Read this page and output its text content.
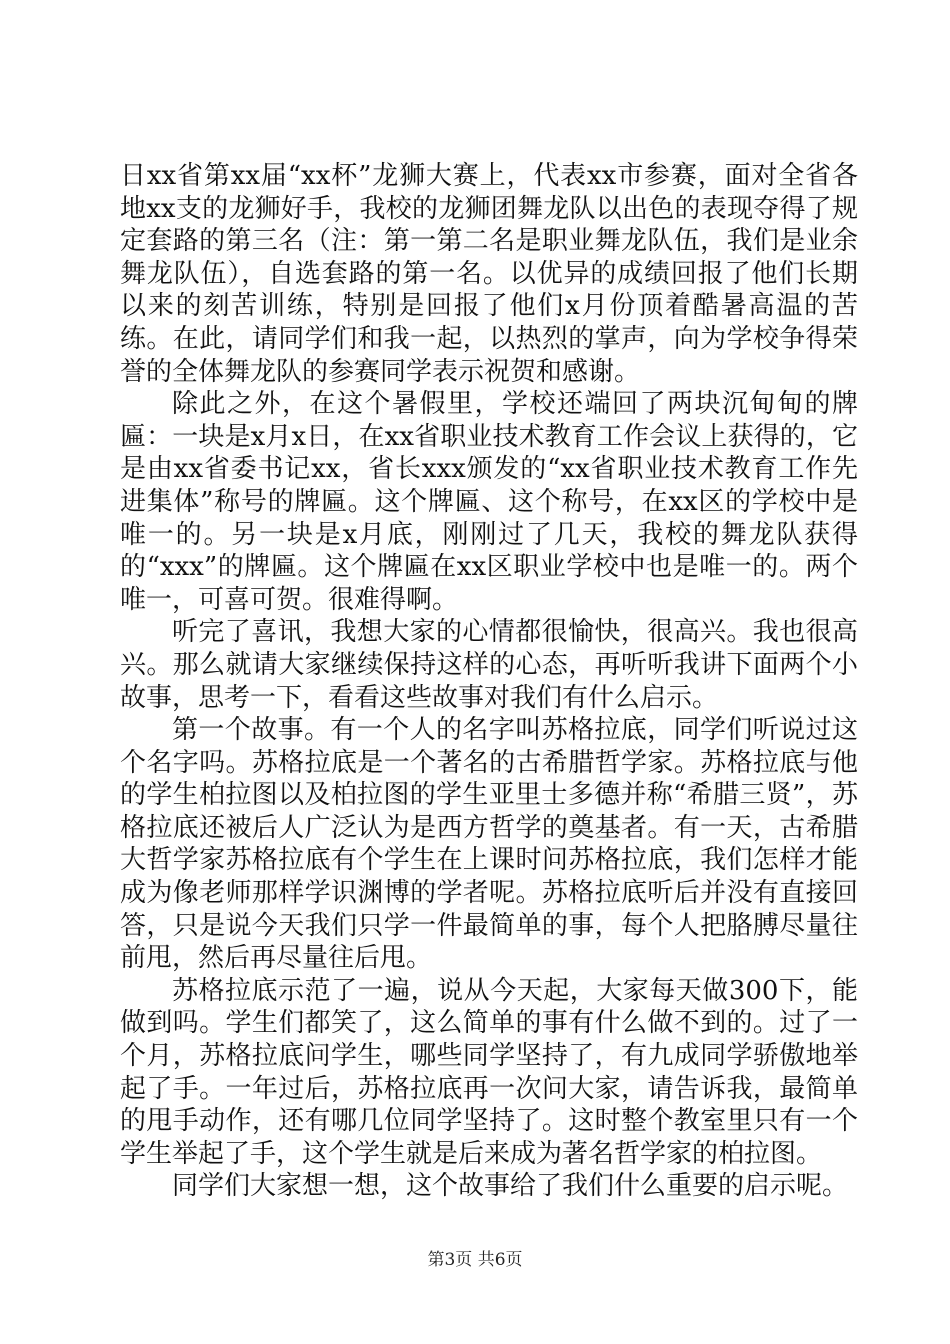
日xx省第xx届“xx杯”龙狮大赛上，代表xx市参赛，面对全省各地xx支的龙狮好手，我校的龙狮团舞龙队以出色的表现夺得了规定套路的第三名（注：第一第二名是职业舞龙队伍，我们是业余舞龙队伍），自选套路的第一名。以优异的成绩回报了他们长期以来的刻苦训练，特别是回报了他们x月份顶着酷暑高温的苦练。在此，请同学们和我一起，以热烈的掌声，向为学校争得荣誉的全体舞龙队的参赛同学表示祝贺和感谢。

除此之外，在这个暑假里，学校还端回了两块沉甸甸的牌匾：一块是x月x日，在xx省职业技术教育工作会议上获得的，它是由xx省委书记xx，省长xxx颁发的“xx省职业技术教育工作先进集体”称号的牌匾。这个牌匾、这个称号，在xx区的学校中是唯一的。另一块是x月底，刚刚过了几天，我校的舞龙队获得的“xxx”的牌匾。这个牌匾在xx区职业学校中也是唯一的。两个唯一，可喜可贺。很难得啊。

听完了喜讯，我想大家的心情都很愉快，很高兴。我也很高兴。那么就请大家继续保持这样的心态，再听听我讲下面两个小故事，思考一下，看看这些故事对我们有什么启示。

第一个故事。有一个人的名字叫苏格拉底，同学们听说过这个名字吗。苏格拉底是一个著名的古希腊哲学家。苏格拉底与他的学生柏拉图以及柏拉图的学生亚里士多德并称“希腊三贤”，苏格拉底还被后人广泛认为是西方哲学的奠基者。有一天，古希腊大哲学家苏格拉底有个学生在上课时问苏格拉底，我们怎样才能成为像老师那样学识渊博的学者呢。苏格拉底听后并没有直接回答，只是说今天我们只学一件最简单的事，每个人把胳膊尽量往前甩，然后再尽量往后甩。

苏格拉底示范了一遍，说从今天起，大家每天做300下，能做到吗。学生们都笑了，这么简单的事有什么做不到的。过了一个月，苏格拉底问学生，哪些同学坚持了，有九成同学骄傲地举起了手。一年过后，苏格拉底再一次问大家，请告诉我，最简单的甩手动作，还有哪几位同学坚持了。这时整个教室里只有一个学生举起了手，这个学生就是后来成为著名哲学家的柏拉图。

同学们大家想一想，这个故事给了我们什么重要的启示呢。

第3页 共6页
